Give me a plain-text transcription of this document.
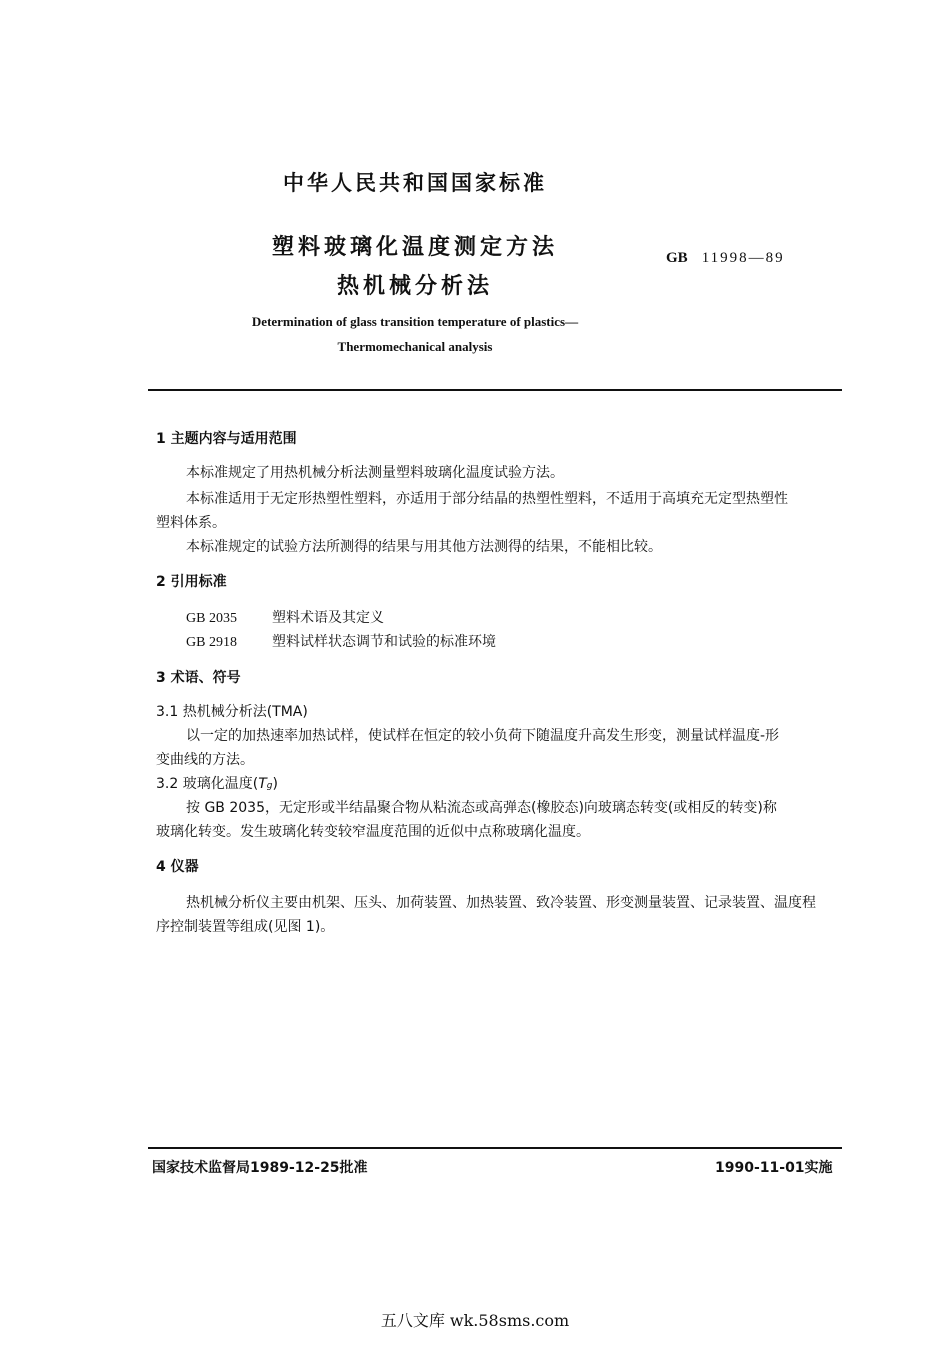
中华人民共和国国家标准
塑料玻璃化温度测定方法
热机械分析法
GB 11998—89
Determination of glass transition temperature of plastics—
Thermomechanical analysis
1 主题内容与适用范围
本标准规定了用热机械分析法测量塑料玻璃化温度试验方法。
本标准适用于无定形热塑性塑料，亦适用于部分结晶的热塑性塑料，不适用于高填充无定型热塑性
塑料体系。
本标准规定的试验方法所测得的结果与用其他方法测得的结果，不能相比较。
2 引用标准
GB 2035	塑料术语及其定义
GB 2918	塑料试样状态调节和试验的标准环境
3 术语、符号
3.1 热机械分析法(TMA)
以一定的加热速率加热试样，使试样在恒定的较小负荷下随温度升高发生形变，测量试样温度-形
变曲线的方法。
3.2 玻璃化温度(Tg)
按 GB 2035，无定形或半结晶聚合物从粘流态或高弹态(橡胶态)向玻璃态转变(或相反的转变)称
玻璃化转变。发生玻璃化转变较窄温度范围的近似中点称玻璃化温度。
4 仪器
热机械分析仪主要由机架、压头、加荷装置、加热装置、致冷装置、形变测量装置、记录装置、温度程
序控制装置等组成(见图 1)。
国家技术监督局1989-12-25批准	1990-11-01实施
五八文库 wk.58sms.com
